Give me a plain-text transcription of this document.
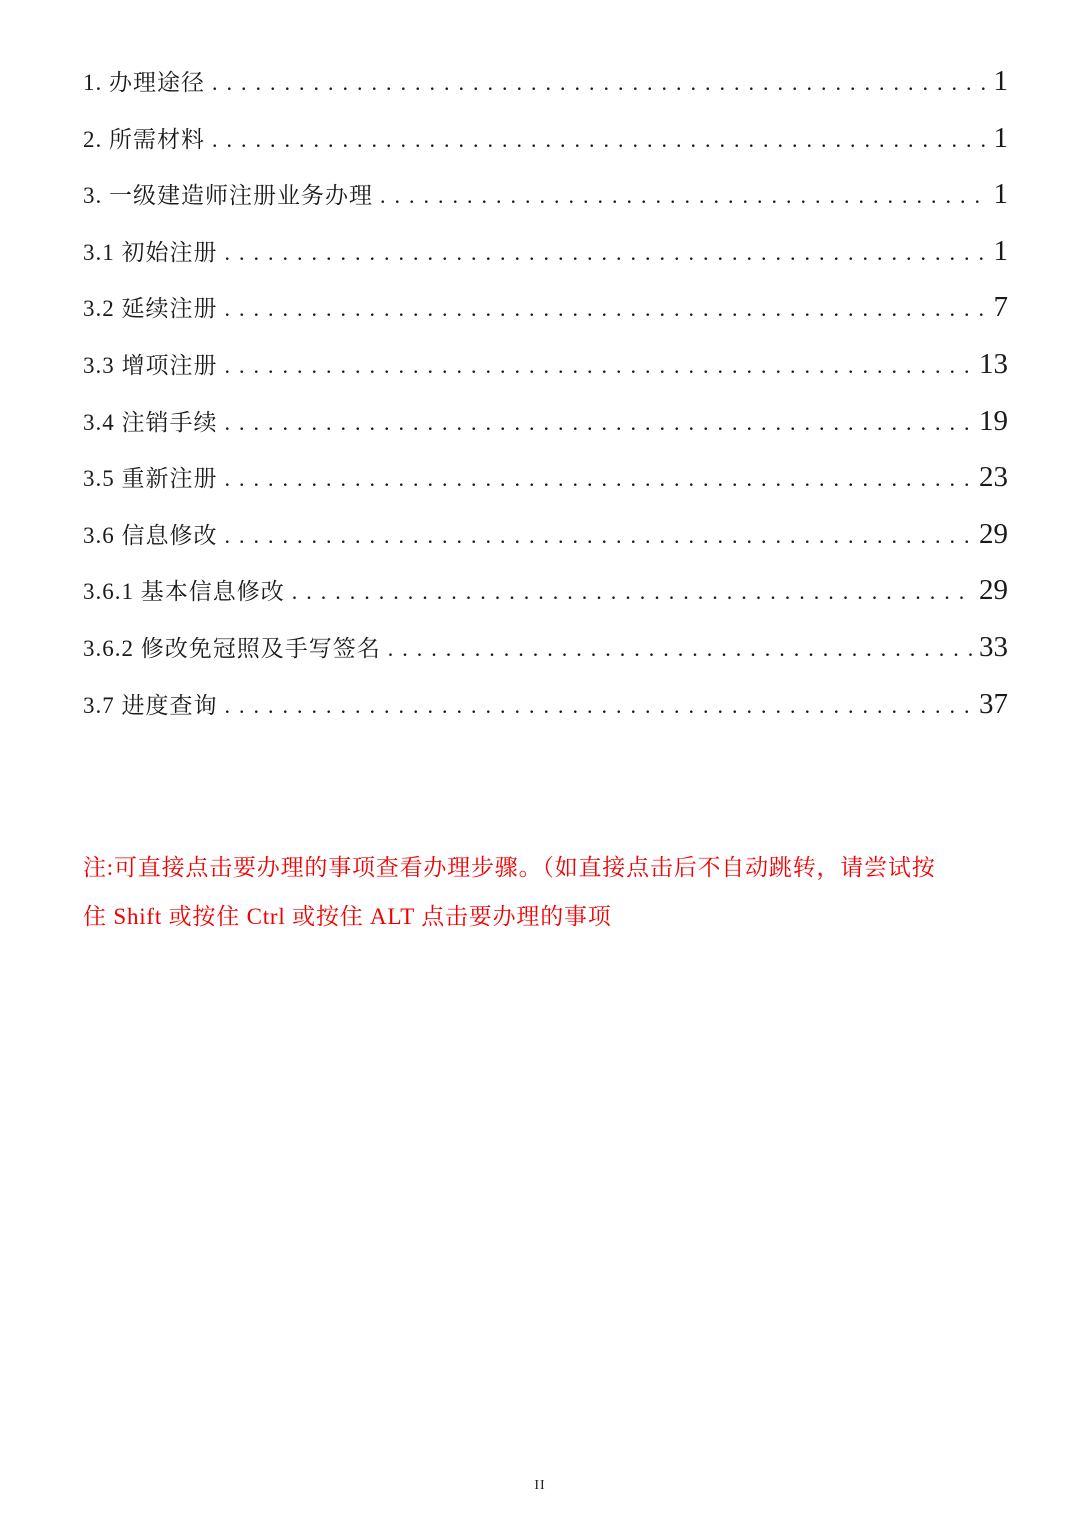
1. 办理途径 .....	1
2. 所需材料 .....	1
3. 一级建造师注册业务办理 .....	1
3.1 初始注册 .....	1
3.2 延续注册 .....	7
3.3 增项注册 .....	13
3.4 注销手续 .....	19
3.5 重新注册 .....	23
3.6 信息修改 .....	29
3.6.1 基本信息修改 .....	29
3.6.2 修改免冠照及手写签名 .....	33
3.7 进度查询 .....	37

注:可直接点击要办理的事项查看办理步骤。（如直接点击后不自动跳转，请尝试按
住 Shift 或按住 Ctrl 或按住 ALT 点击要办理的事项

II
